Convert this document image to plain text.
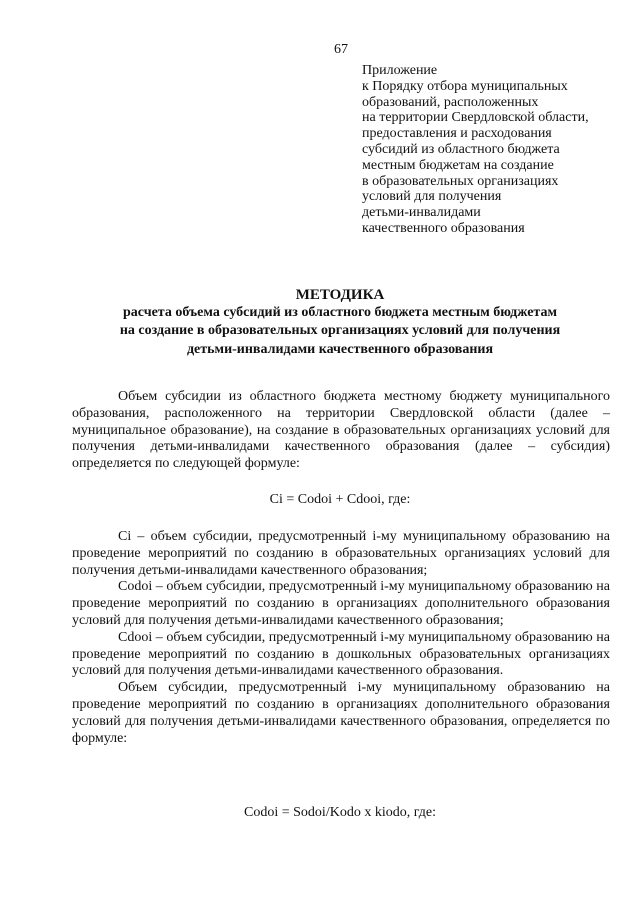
67
Приложение
к Порядку отбора муниципальных
образований, расположенных
на территории Свердловской области,
предоставления и расходования
субсидий из областного бюджета
местным бюджетам на создание
в образовательных организациях
условий для получения
детьми-инвалидами
качественного образования
МЕТОДИКА
расчета объема субсидий из областного бюджета местным бюджетам
на создание в образовательных организациях условий для получения
детьми-инвалидами качественного образования

Объем субсидии из областного бюджета местному бюджету муниципального образования, расположенного на территории Свердловской области (далее – муниципальное образование), на создание в образовательных организациях условий для получения детьми-инвалидами качественного образования (далее – субсидия) определяется по следующей формуле:

Ci = Codoi + Cdooi, где:

Ci – объем субсидии, предусмотренный i-му муниципальному образованию на проведение мероприятий по созданию в образовательных организациях условий для получения детьми-инвалидами качественного образования;

Codoi – объем субсидии, предусмотренный i-му муниципальному образованию на проведение мероприятий по созданию в организациях дополнительного образования условий для получения детьми-инвалидами качественного образования;

Cdooi – объем субсидии, предусмотренный i-му муниципальному образованию на проведение мероприятий по созданию в дошкольных образовательных организациях условий для получения детьми-инвалидами качественного образования.

Объем субсидии, предусмотренный i-му муниципальному образованию на проведение мероприятий по созданию в организациях дополнительного образования условий для получения детьми-инвалидами качественного образования, определяется по формуле:

Codoi = Sodoi/Kodo x kiodo, где:
